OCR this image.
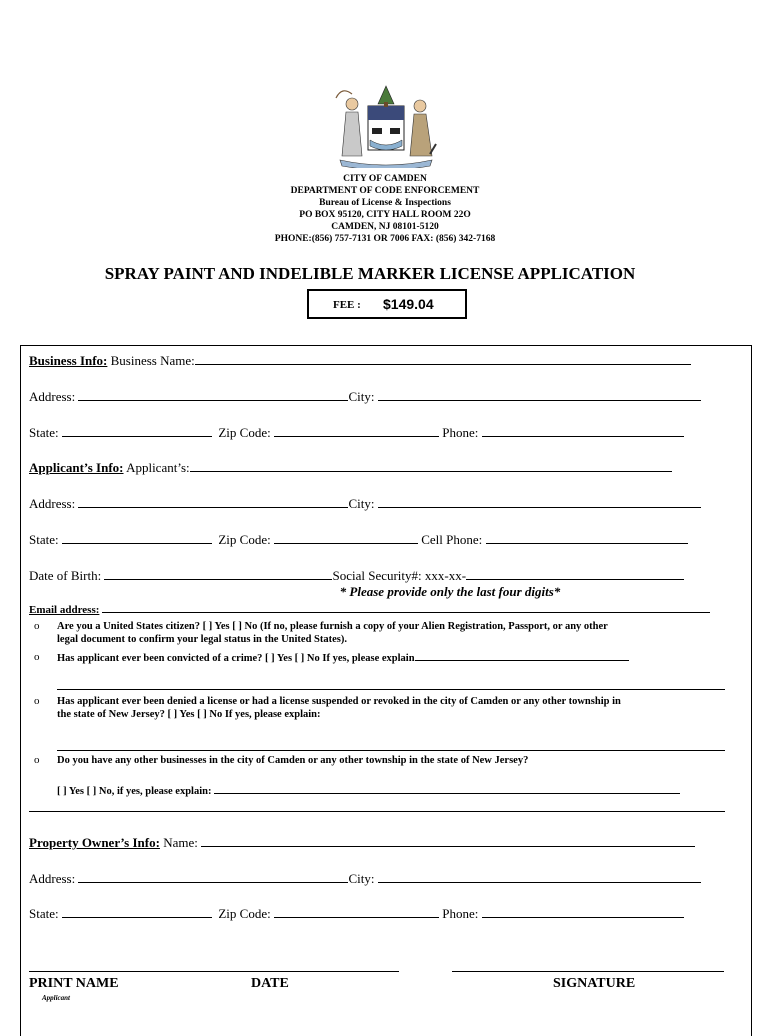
CITY OF CAMDEN
DEPARTMENT OF CODE ENFORCEMENT
Bureau of License & Inspections
PO BOX 95120, CITY HALL ROOM 22O
CAMDEN, NJ 08101-5120
PHONE:(856) 757-7131 OR 7006 FAX: (856) 342-7168
SPRAY PAINT AND INDELIBLE MARKER LICENSE APPLICATION
FEE : $149.04
Business Info: Business Name:
Address:	City:
State:	Zip Code:	Phone:
Applicant’s Info: Applicant’s:
Address:	City:
State:	Zip Code:	Cell Phone:
Date of Birth:	Social Security#: xxx-xx-
* Please provide only the last four digits*
Email address:
o Are you a United States citizen? [ ] Yes [ ] No (If no, please furnish a copy of your Alien Registration, Passport, or any other
legal document to confirm your legal status in the United States).
o Has applicant ever been convicted of a crime? [ ] Yes [ ] No If yes, please explain
o Has applicant ever been denied a license or had a license suspended or revoked in the city of Camden or any other township in
the state of New Jersey? [ ] Yes [ ] No If yes, please explain:
o Do you have any other businesses in the city of Camden or any other township in the state of New Jersey?
[ ] Yes [ ] No, if yes, please explain:
Property Owner’s Info: Name:
Address:	City:
State:	Zip Code:	Phone:
PRINT NAME
Applicant
DATE	SIGNATURE
